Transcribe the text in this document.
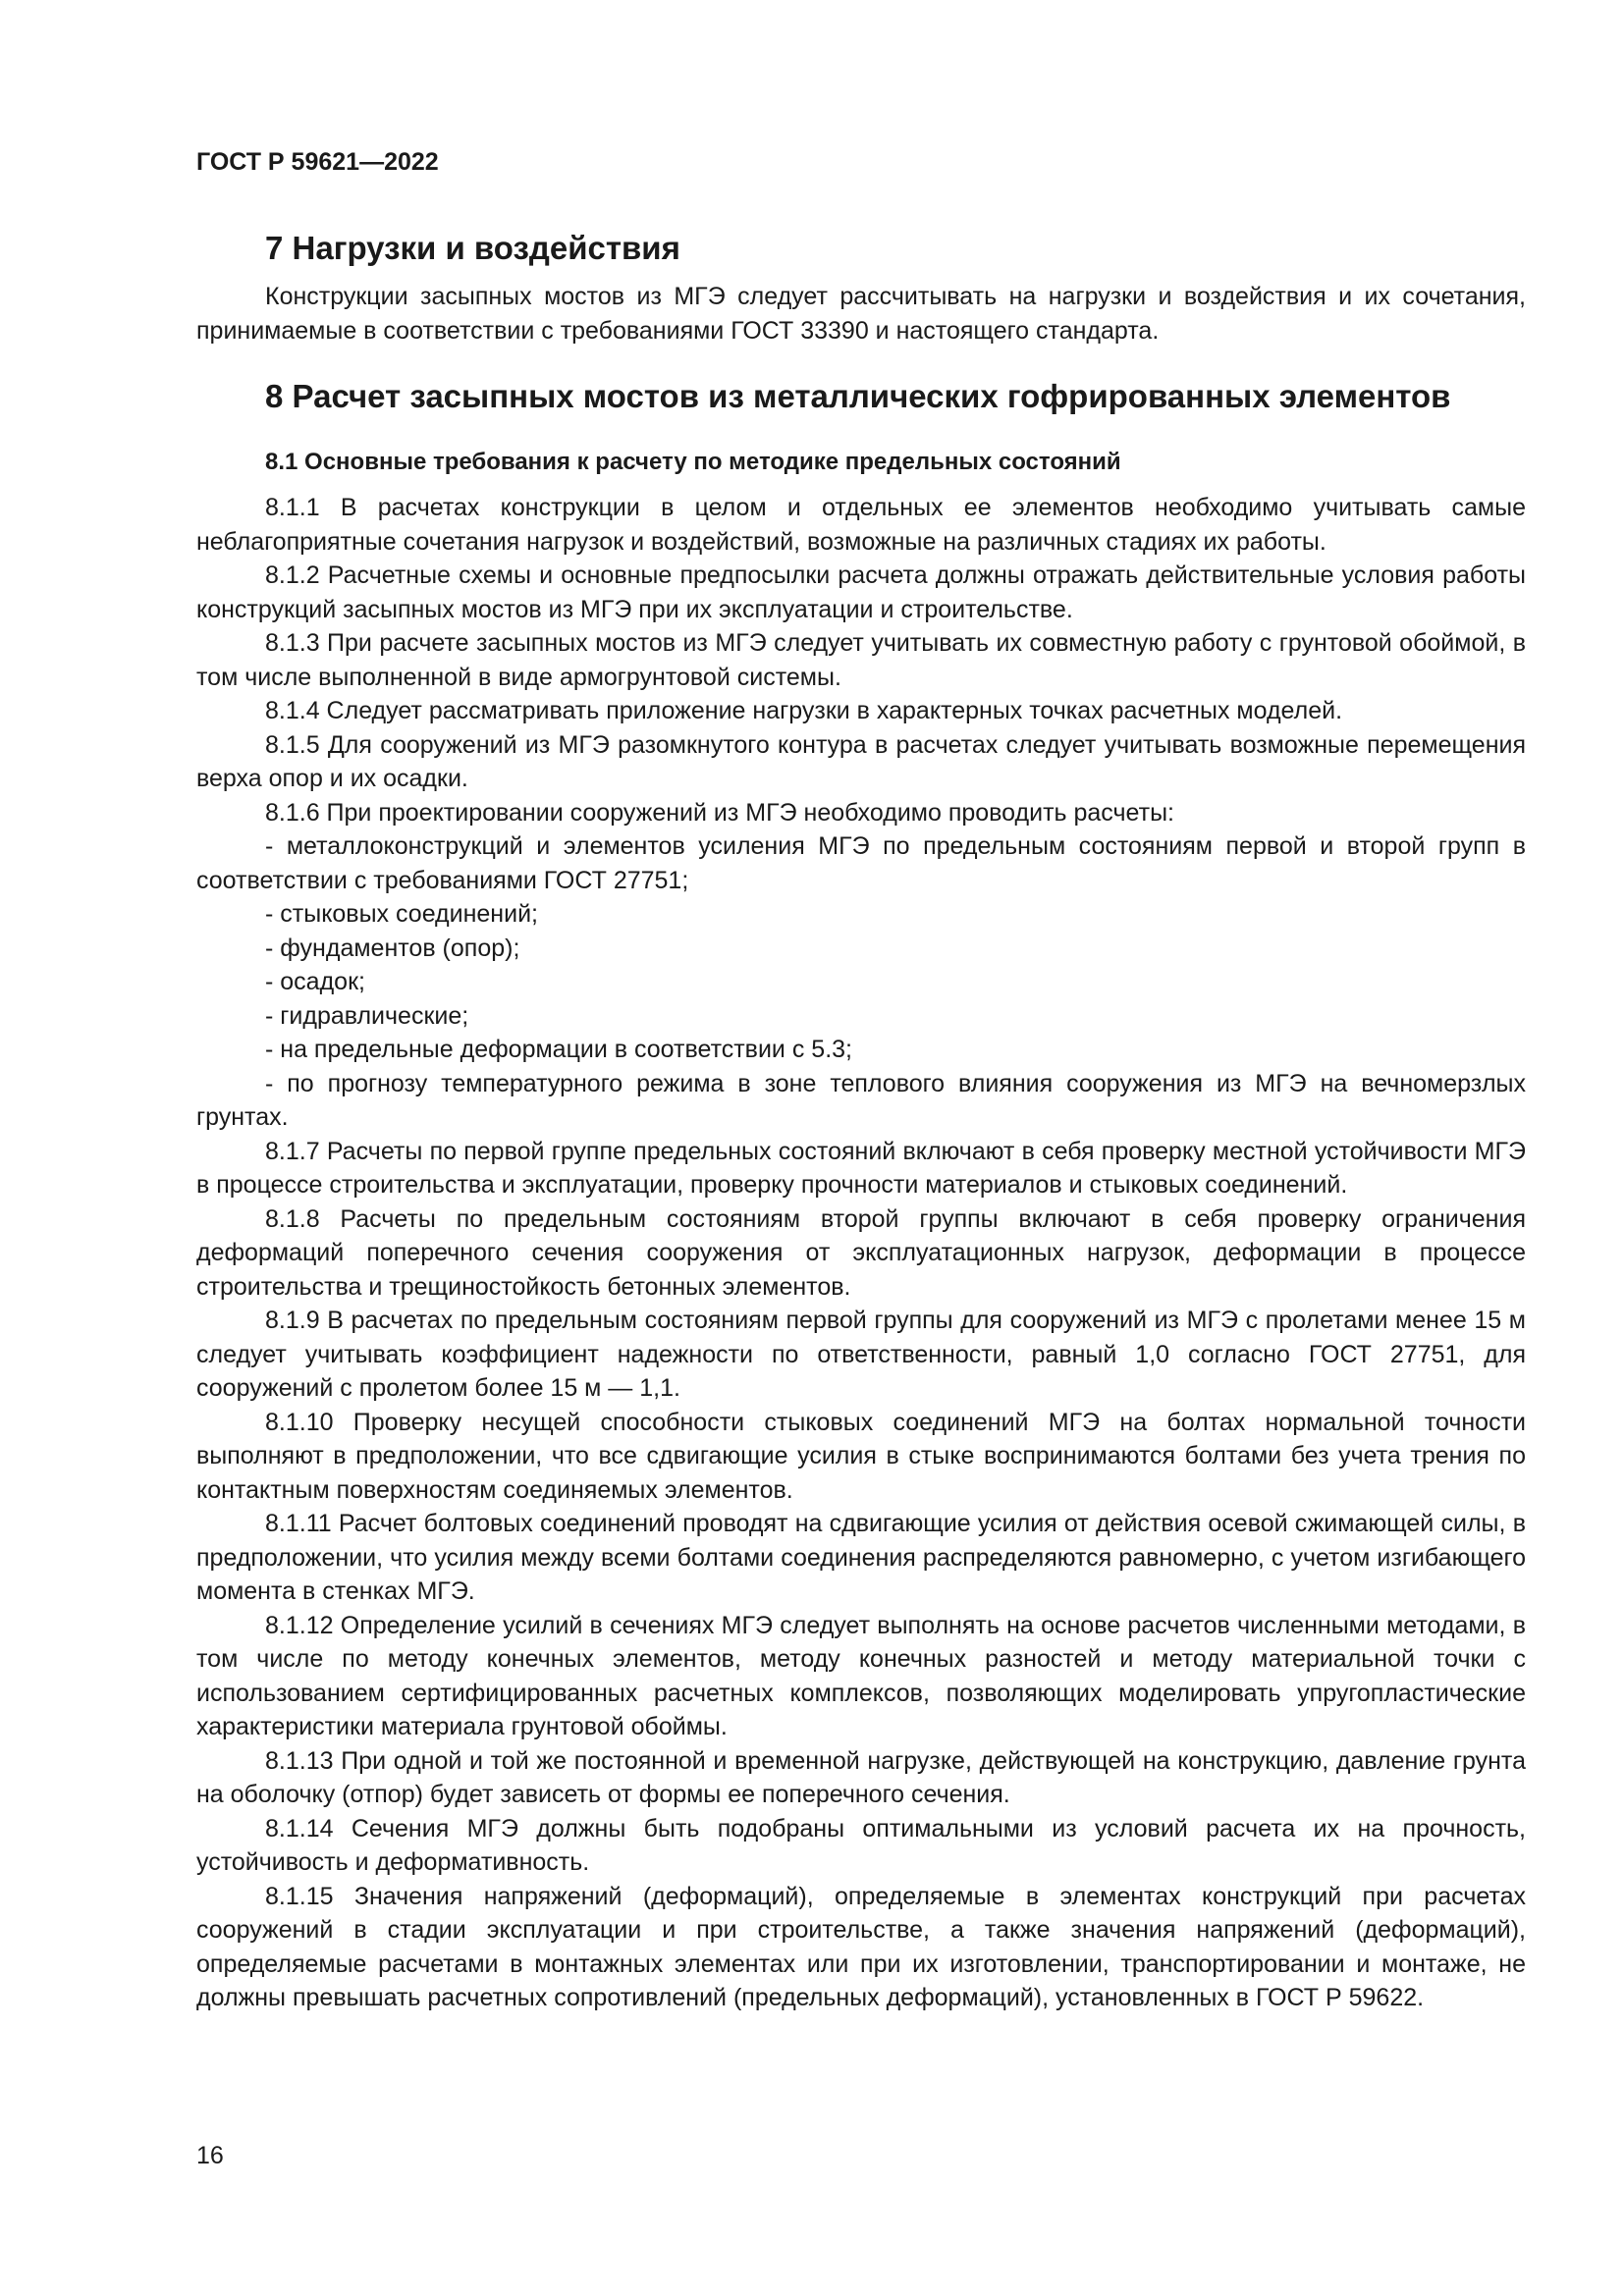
ГОСТ Р 59621—2022
7 Нагрузки и воздействия

Конструкции засыпных мостов из МГЭ следует рассчитывать на нагрузки и воздействия и их сочетания, принимаемые в соответствии с требованиями ГОСТ 33390 и настоящего стандарта.

8 Расчет засыпных мостов из металлических гофрированных элементов
8.1 Основные требования к расчету по методике предельных состояний

8.1.1 В расчетах конструкции в целом и отдельных ее элементов необходимо учитывать самые неблагоприятные сочетания нагрузок и воздействий, возможные на различных стадиях их работы.

8.1.2 Расчетные схемы и основные предпосылки расчета должны отражать действительные условия работы конструкций засыпных мостов из МГЭ при их эксплуатации и строительстве.

8.1.3 При расчете засыпных мостов из МГЭ следует учитывать их совместную работу с грунтовой обоймой, в том числе выполненной в виде армогрунтовой системы.

8.1.4 Следует рассматривать приложение нагрузки в характерных точках расчетных моделей.

8.1.5 Для сооружений из МГЭ разомкнутого контура в расчетах следует учитывать возможные перемещения верха опор и их осадки.

8.1.6 При проектировании сооружений из МГЭ необходимо проводить расчеты:

- металлоконструкций и элементов усиления МГЭ по предельным состояниям первой и второй групп в соответствии с требованиями ГОСТ 27751;

- стыковых соединений;

- фундаментов (опор);

- осадок;

- гидравлические;

- на предельные деформации в соответствии с 5.3;

- по прогнозу температурного режима в зоне теплового влияния сооружения из МГЭ на вечномерзлых грунтах.

8.1.7 Расчеты по первой группе предельных состояний включают в себя проверку местной устойчивости МГЭ в процессе строительства и эксплуатации, проверку прочности материалов и стыковых соединений.

8.1.8 Расчеты по предельным состояниям второй группы включают в себя проверку ограничения деформаций поперечного сечения сооружения от эксплуатационных нагрузок, деформации в процессе строительства и трещиностойкость бетонных элементов.

8.1.9 В расчетах по предельным состояниям первой группы для сооружений из МГЭ с пролетами менее 15 м следует учитывать коэффициент надежности по ответственности, равный 1,0 согласно ГОСТ 27751, для сооружений с пролетом более 15 м — 1,1.

8.1.10 Проверку несущей способности стыковых соединений МГЭ на болтах нормальной точности выполняют в предположении, что все сдвигающие усилия в стыке воспринимаются болтами без учета трения по контактным поверхностям соединяемых элементов.

8.1.11 Расчет болтовых соединений проводят на сдвигающие усилия от действия осевой сжимающей силы, в предположении, что усилия между всеми болтами соединения распределяются равномерно, с учетом изгибающего момента в стенках МГЭ.

8.1.12 Определение усилий в сечениях МГЭ следует выполнять на основе расчетов численными методами, в том числе по методу конечных элементов, методу конечных разностей и методу материальной точки с использованием сертифицированных расчетных комплексов, позволяющих моделировать упругопластические характеристики материала грунтовой обоймы.

8.1.13 При одной и той же постоянной и временной нагрузке, действующей на конструкцию, давление грунта на оболочку (отпор) будет зависеть от формы ее поперечного сечения.

8.1.14 Сечения МГЭ должны быть подобраны оптимальными из условий расчета их на прочность, устойчивость и деформативность.

8.1.15 Значения напряжений (деформаций), определяемые в элементах конструкций при расчетах сооружений в стадии эксплуатации и при строительстве, а также значения напряжений (деформаций), определяемые расчетами в монтажных элементах или при их изготовлении, транспортировании и монтаже, не должны превышать расчетных сопротивлений (предельных деформаций), установленных в ГОСТ Р 59622.

16
